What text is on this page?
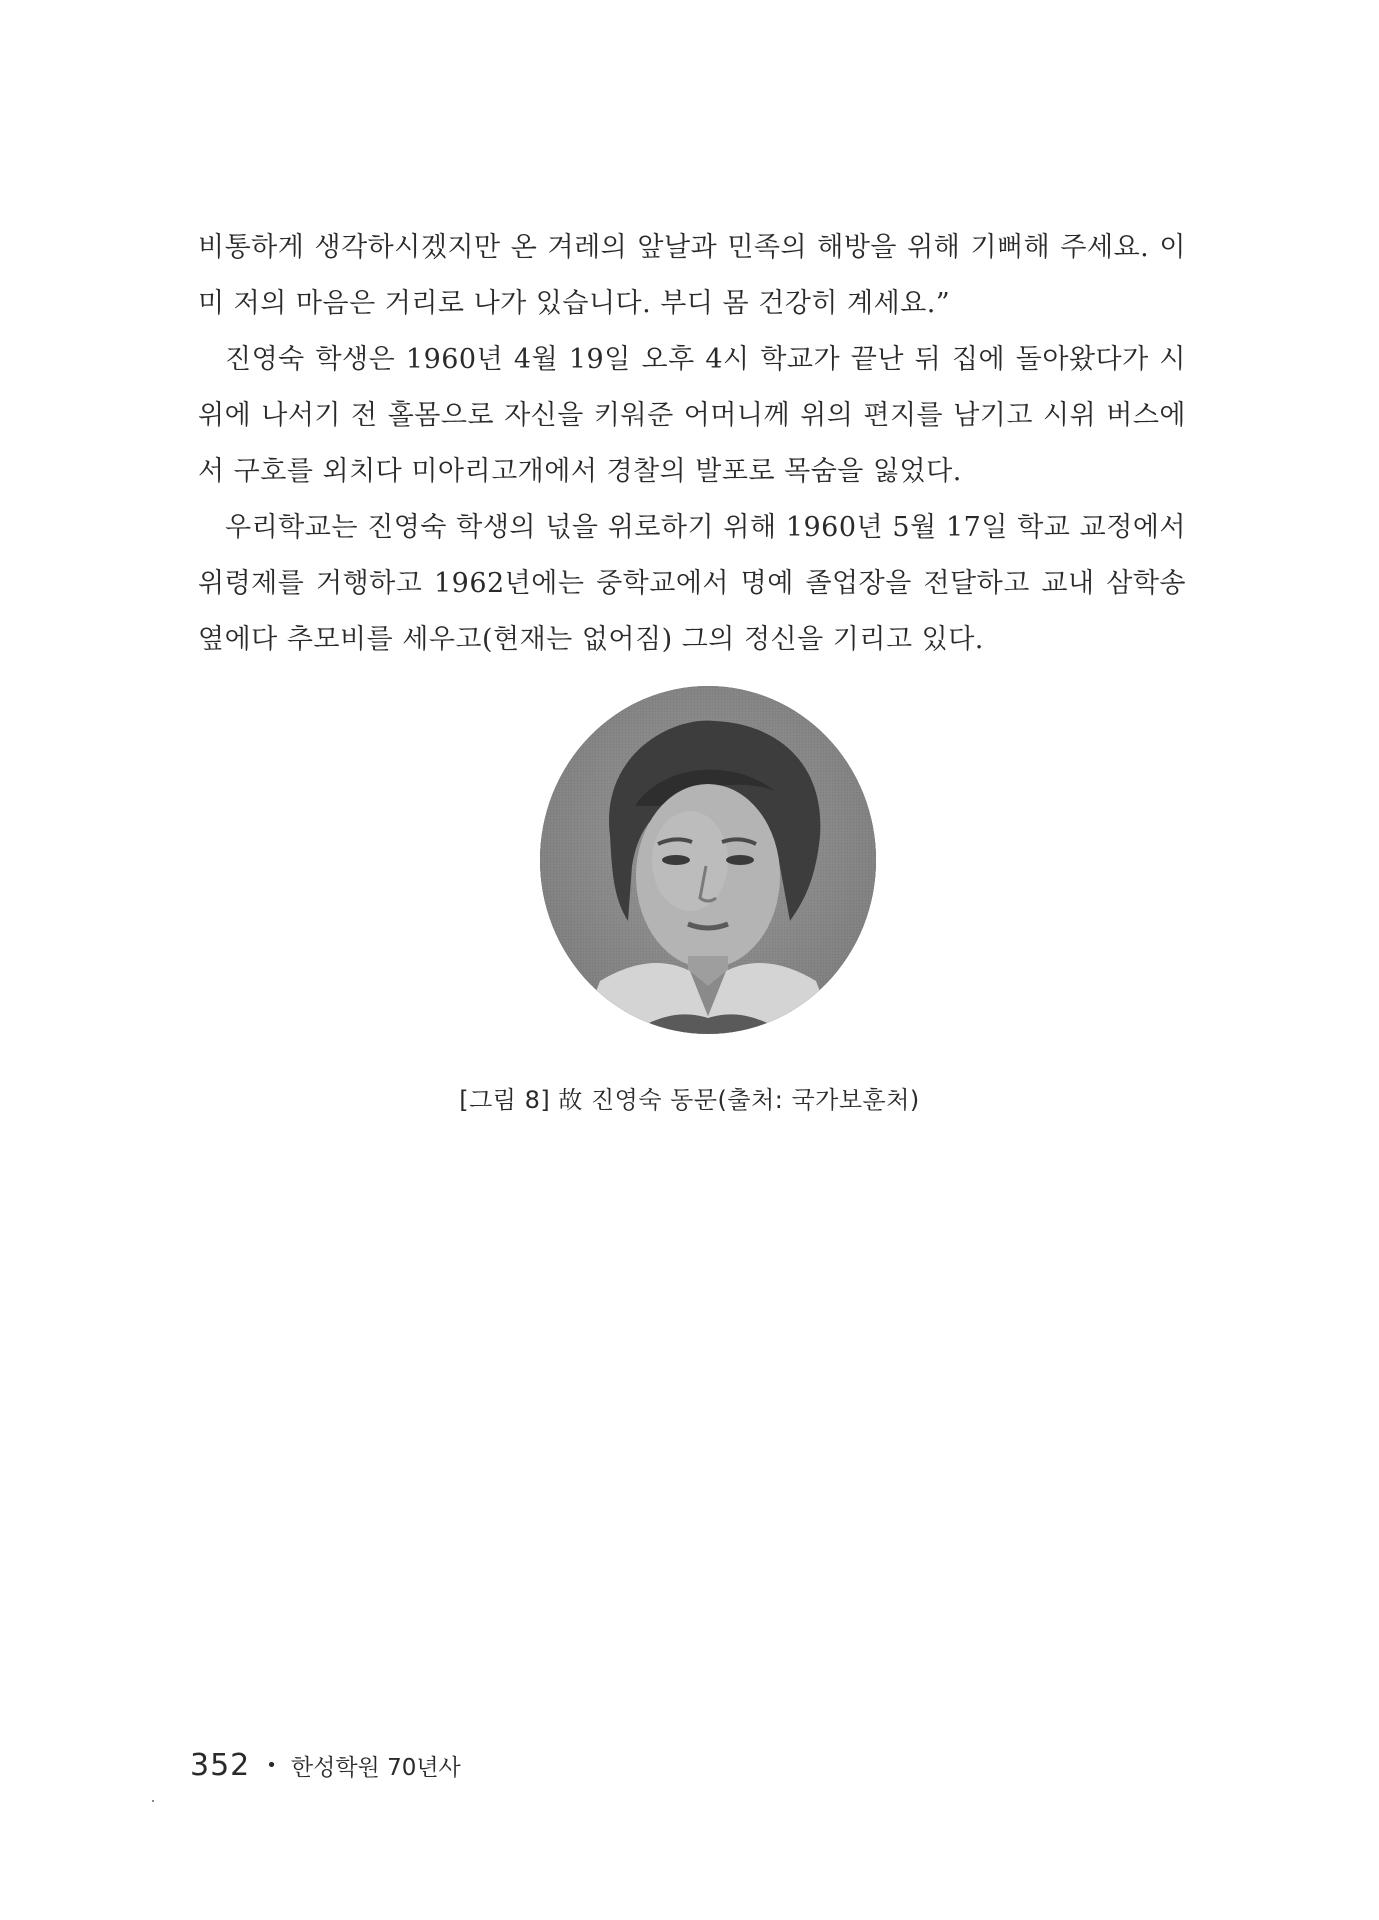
비통하게 생각하시겠지만 온 겨레의 앞날과 민족의 해방을 위해 기뻐해 주세요. 이미 저의 마음은 거리로 나가 있습니다. 부디 몸 건강히 계세요.”

진영숙 학생은 1960년 4월 19일 오후 4시 학교가 끝난 뒤 집에 돌아왔다가 시위에 나서기 전 홀몸으로 자신을 키워준 어머니께 위의 편지를 남기고 시위 버스에서 구호를 외치다 미아리고개에서 경찰의 발포로 목숨을 잃었다.

우리학교는 진영숙 학생의 넋을 위로하기 위해 1960년 5월 17일 학교 교정에서 위령제를 거행하고 1962년에는 중학교에서 명예 졸업장을 전달하고 교내 삼학송 옆에다 추모비를 세우고(현재는 없어짐) 그의 정신을 기리고 있다.

[그림 8] 故 진영숙 동문(출처: 국가보훈처)
352 • 한성학원 70년사
